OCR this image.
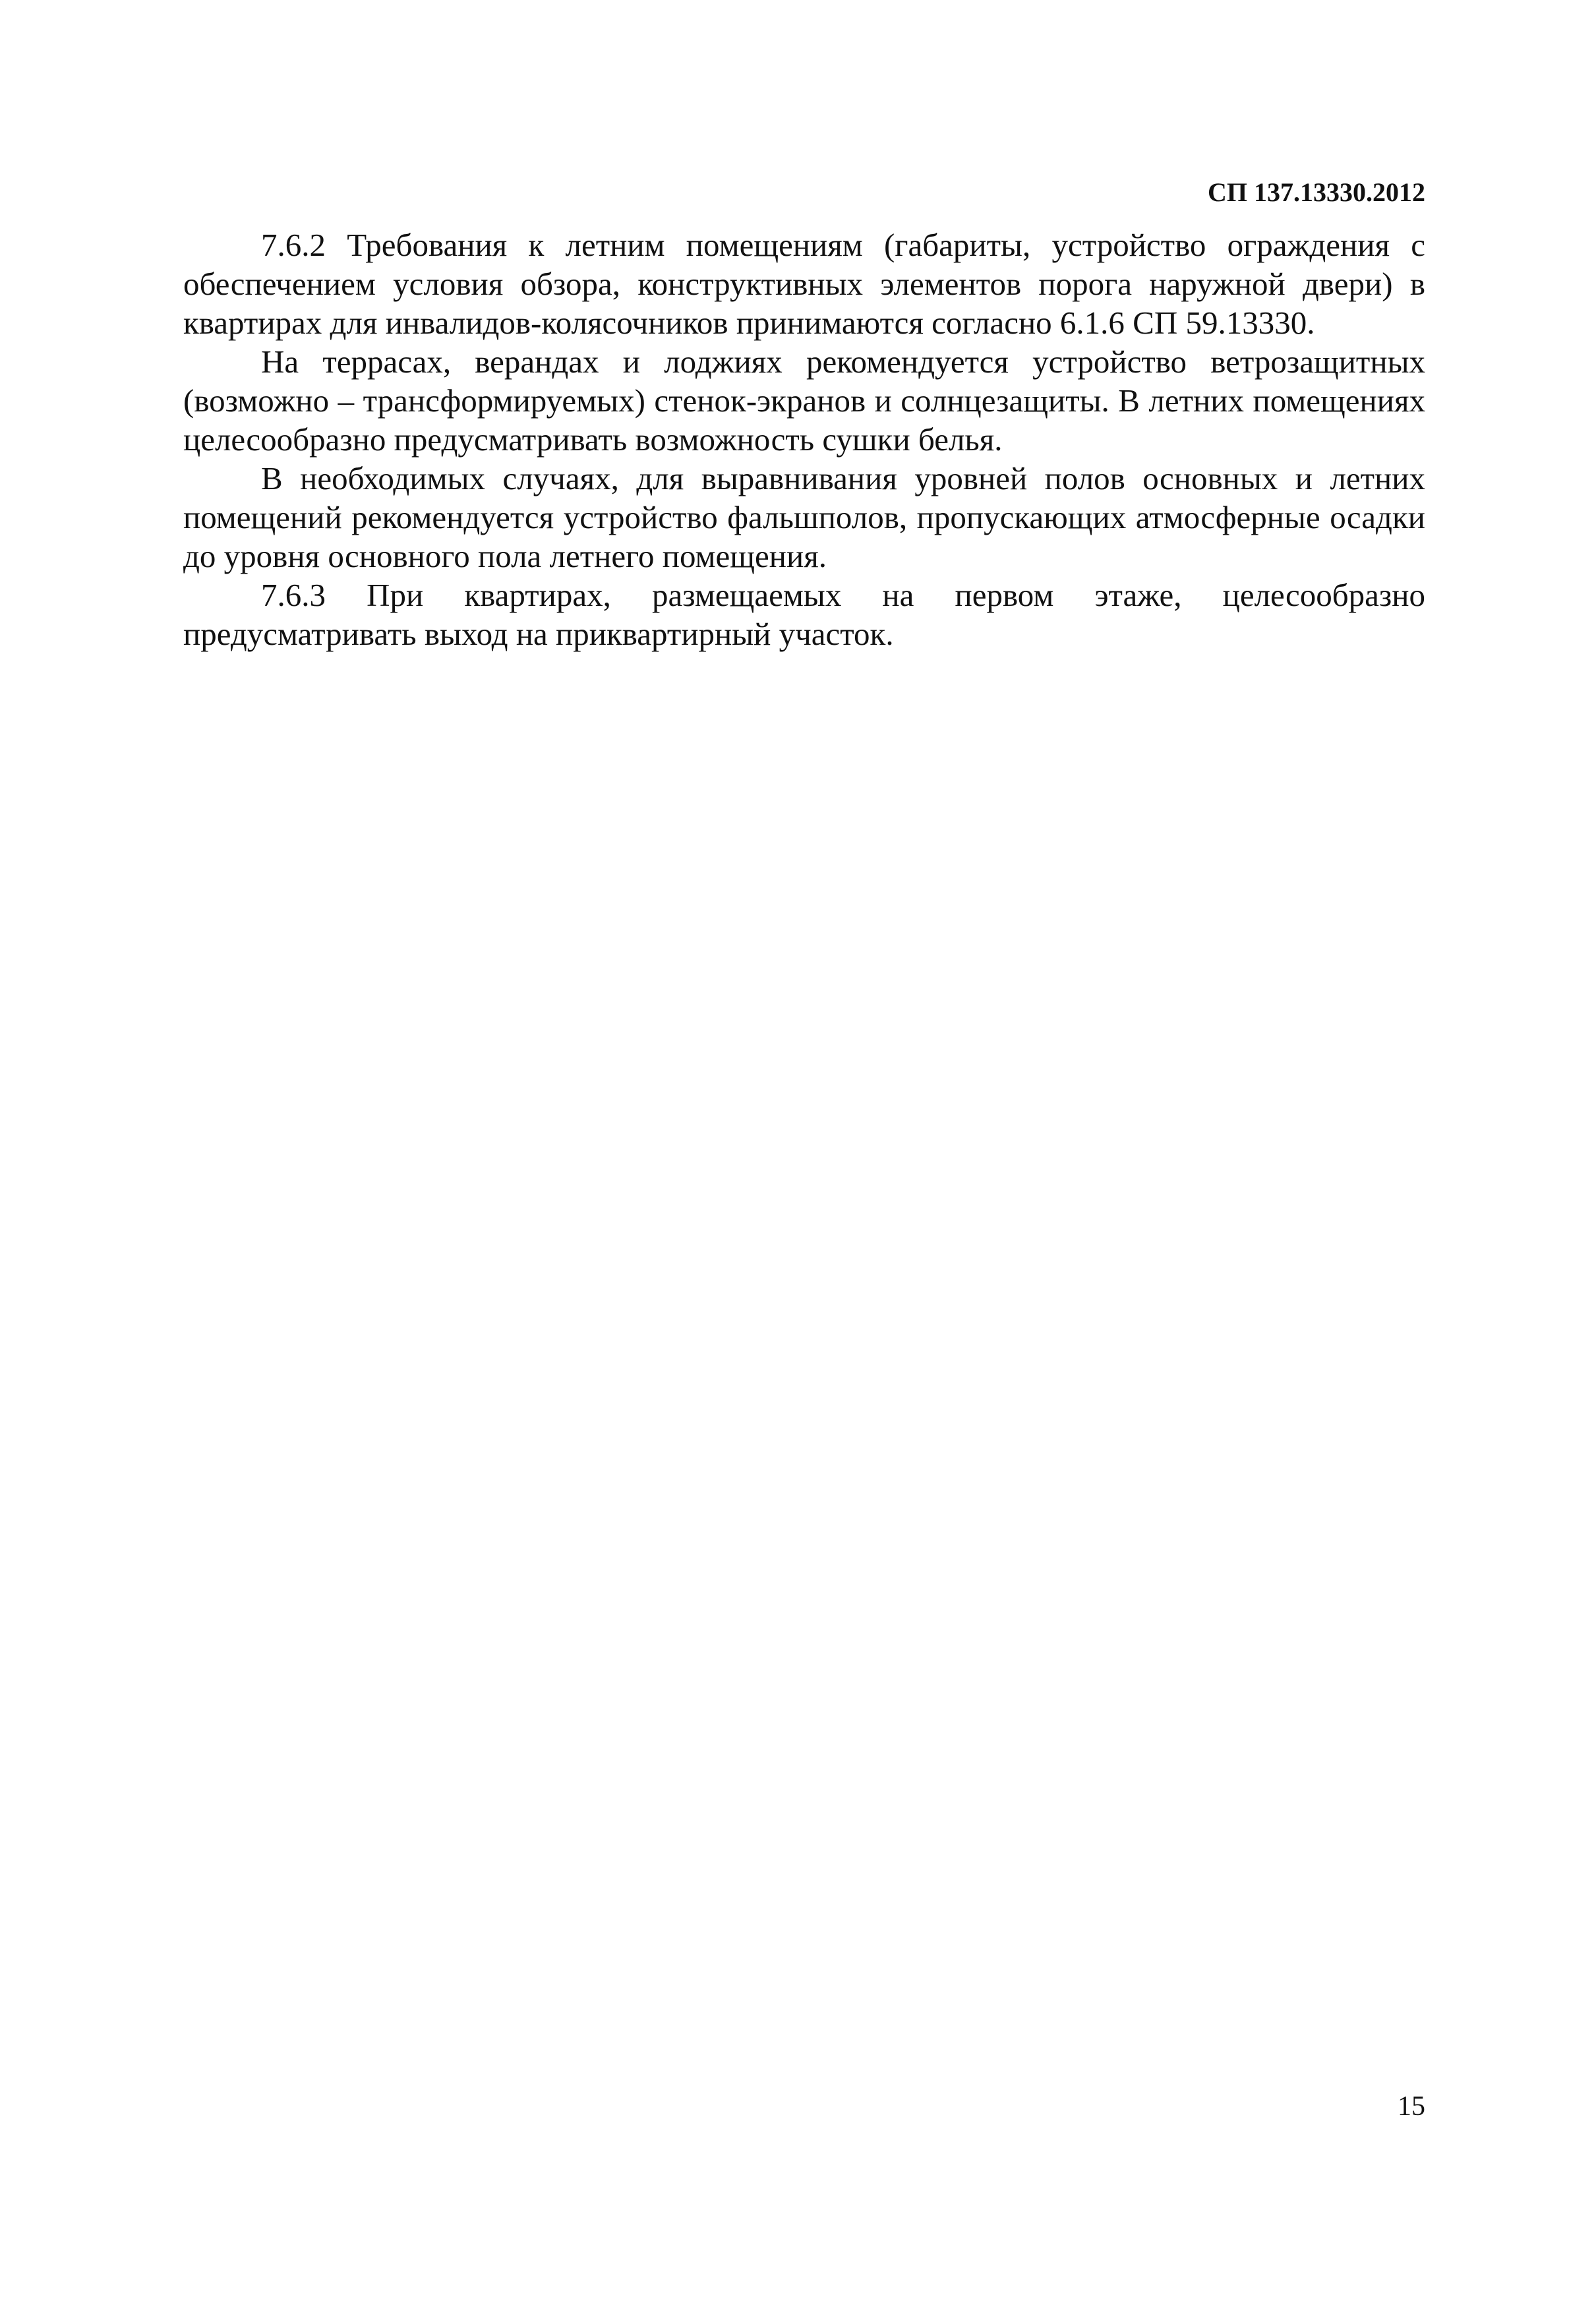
СП 137.13330.2012

7.6.2 Требования к летним помещениям (габариты, устройство ограждения с обеспечением условия обзора, конструктивных элементов порога наружной двери) в квартирах для инвалидов-колясочников принимаются согласно 6.1.6 СП 59.13330.

На террасах, верандах и лоджиях рекомендуется устройство ветрозащитных (возможно – трансформируемых) стенок-экранов и солнцезащиты. В летних помещениях целесообразно предусматривать возможность сушки белья.

В необходимых случаях, для выравнивания уровней полов основных и летних помещений рекомендуется устройство фальшполов, пропускающих атмосферные осадки до уровня основного пола летнего помещения.

7.6.3 При квартирах, размещаемых на первом этаже, целесообразно предусматривать выход на приквартирный участок.

15
